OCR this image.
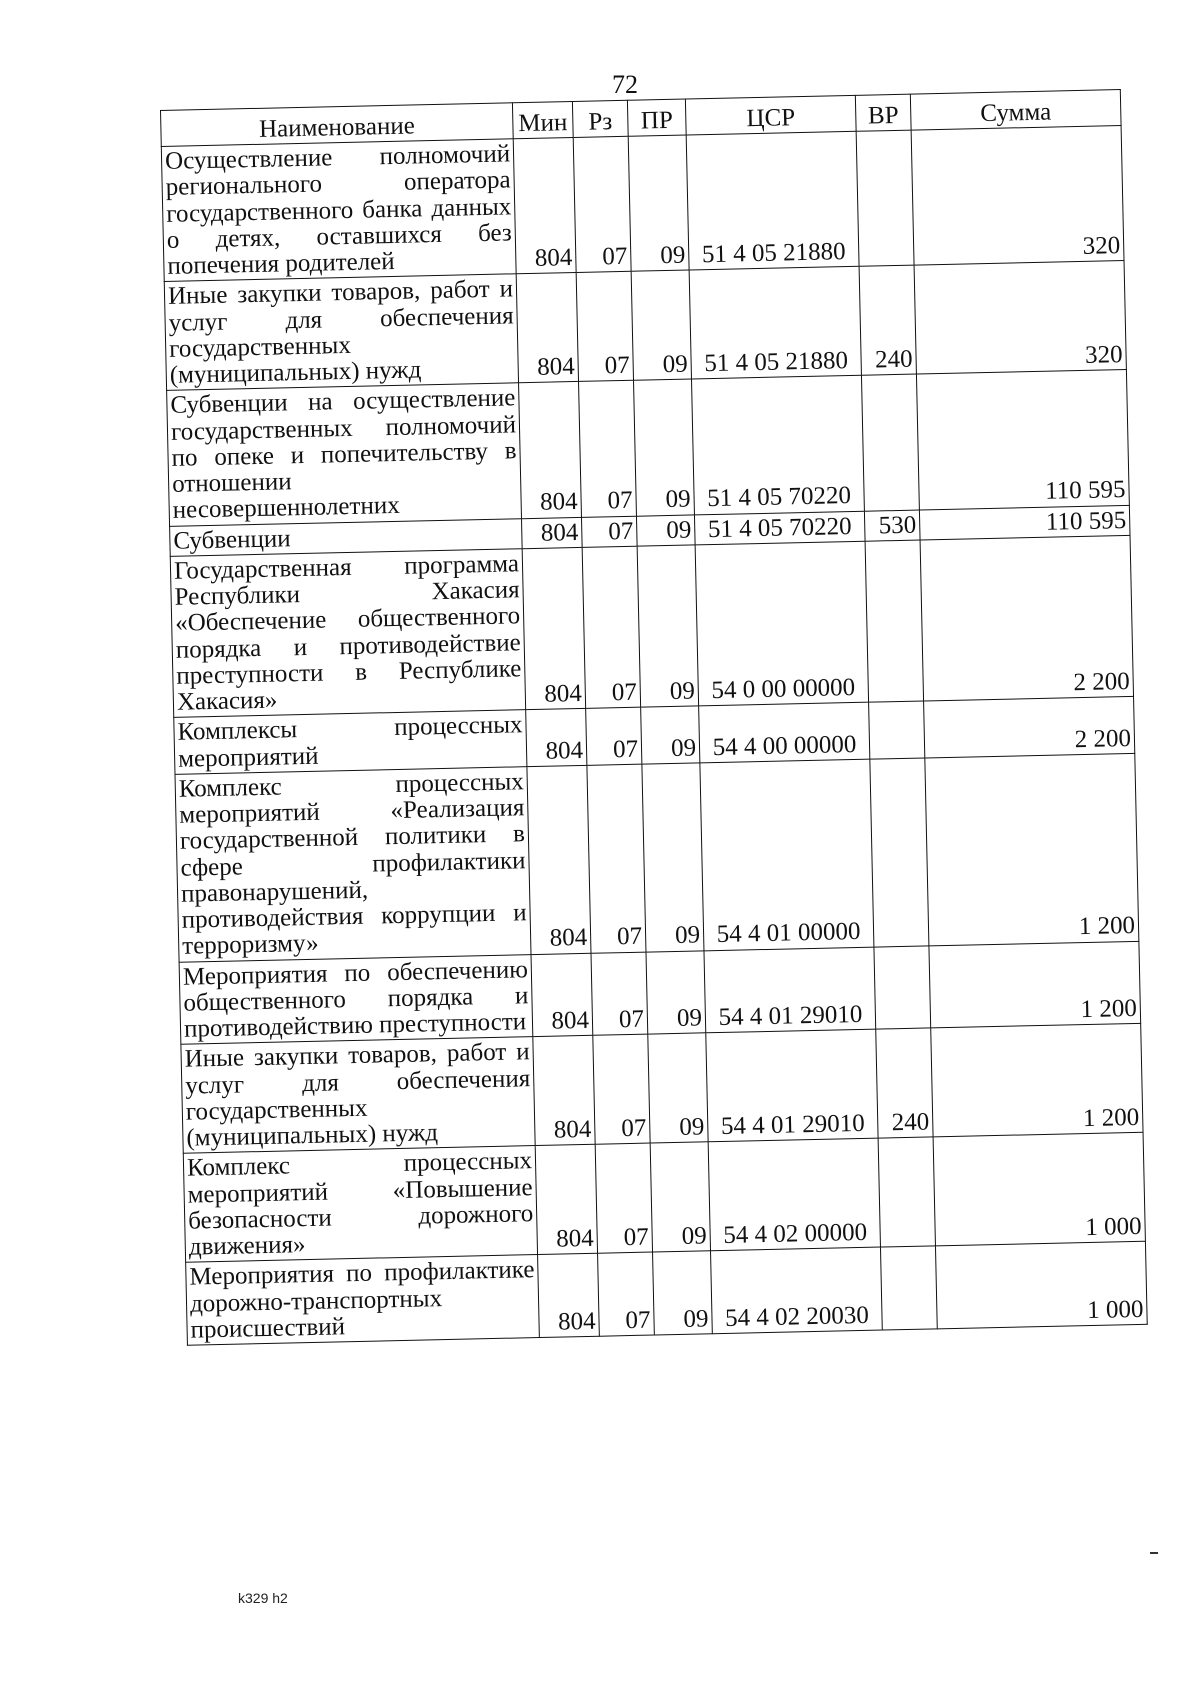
72
Наименование	Мин	Рз	ПР	ЦСР	ВР	Сумма
Осуществление полномочий регионального оператора государственного банка данных о детях, оставшихся без попечения родителей	804	07	09	51 4 05 21880		320
Иные закупки товаров, работ и услуг для обеспечения государственных (муниципальных) нужд	804	07	09	51 4 05 21880	240	320
Субвенции на осуществление государственных полномочий по опеке и попечительству в отношении несовершеннолетних	804	07	09	51 4 05 70220		110 595
Субвенции	804	07	09	51 4 05 70220	530	110 595
Государственная программа Республики Хакасия «Обеспечение общественного порядка и противодействие преступности в Республике Хакасия»	804	07	09	54 0 00 00000		2 200
Комплексы процессных мероприятий	804	07	09	54 4 00 00000		2 200
Комплекс процессных мероприятий «Реализация государственной политики в сфере профилактики правонарушений, противодействия коррупции и терроризму»	804	07	09	54 4 01 00000		1 200
Мероприятия по обеспечению общественного порядка и противодействию преступности	804	07	09	54 4 01 29010		1 200
Иные закупки товаров, работ и услуг для обеспечения государственных (муниципальных) нужд	804	07	09	54 4 01 29010	240	1 200
Комплекс процессных мероприятий «Повышение безопасности дорожного движения»	804	07	09	54 4 02 00000		1 000
Мероприятия по профилактике дорожно-транспортных происшествий	804	07	09	54 4 02 20030		1 000
k329 h2
